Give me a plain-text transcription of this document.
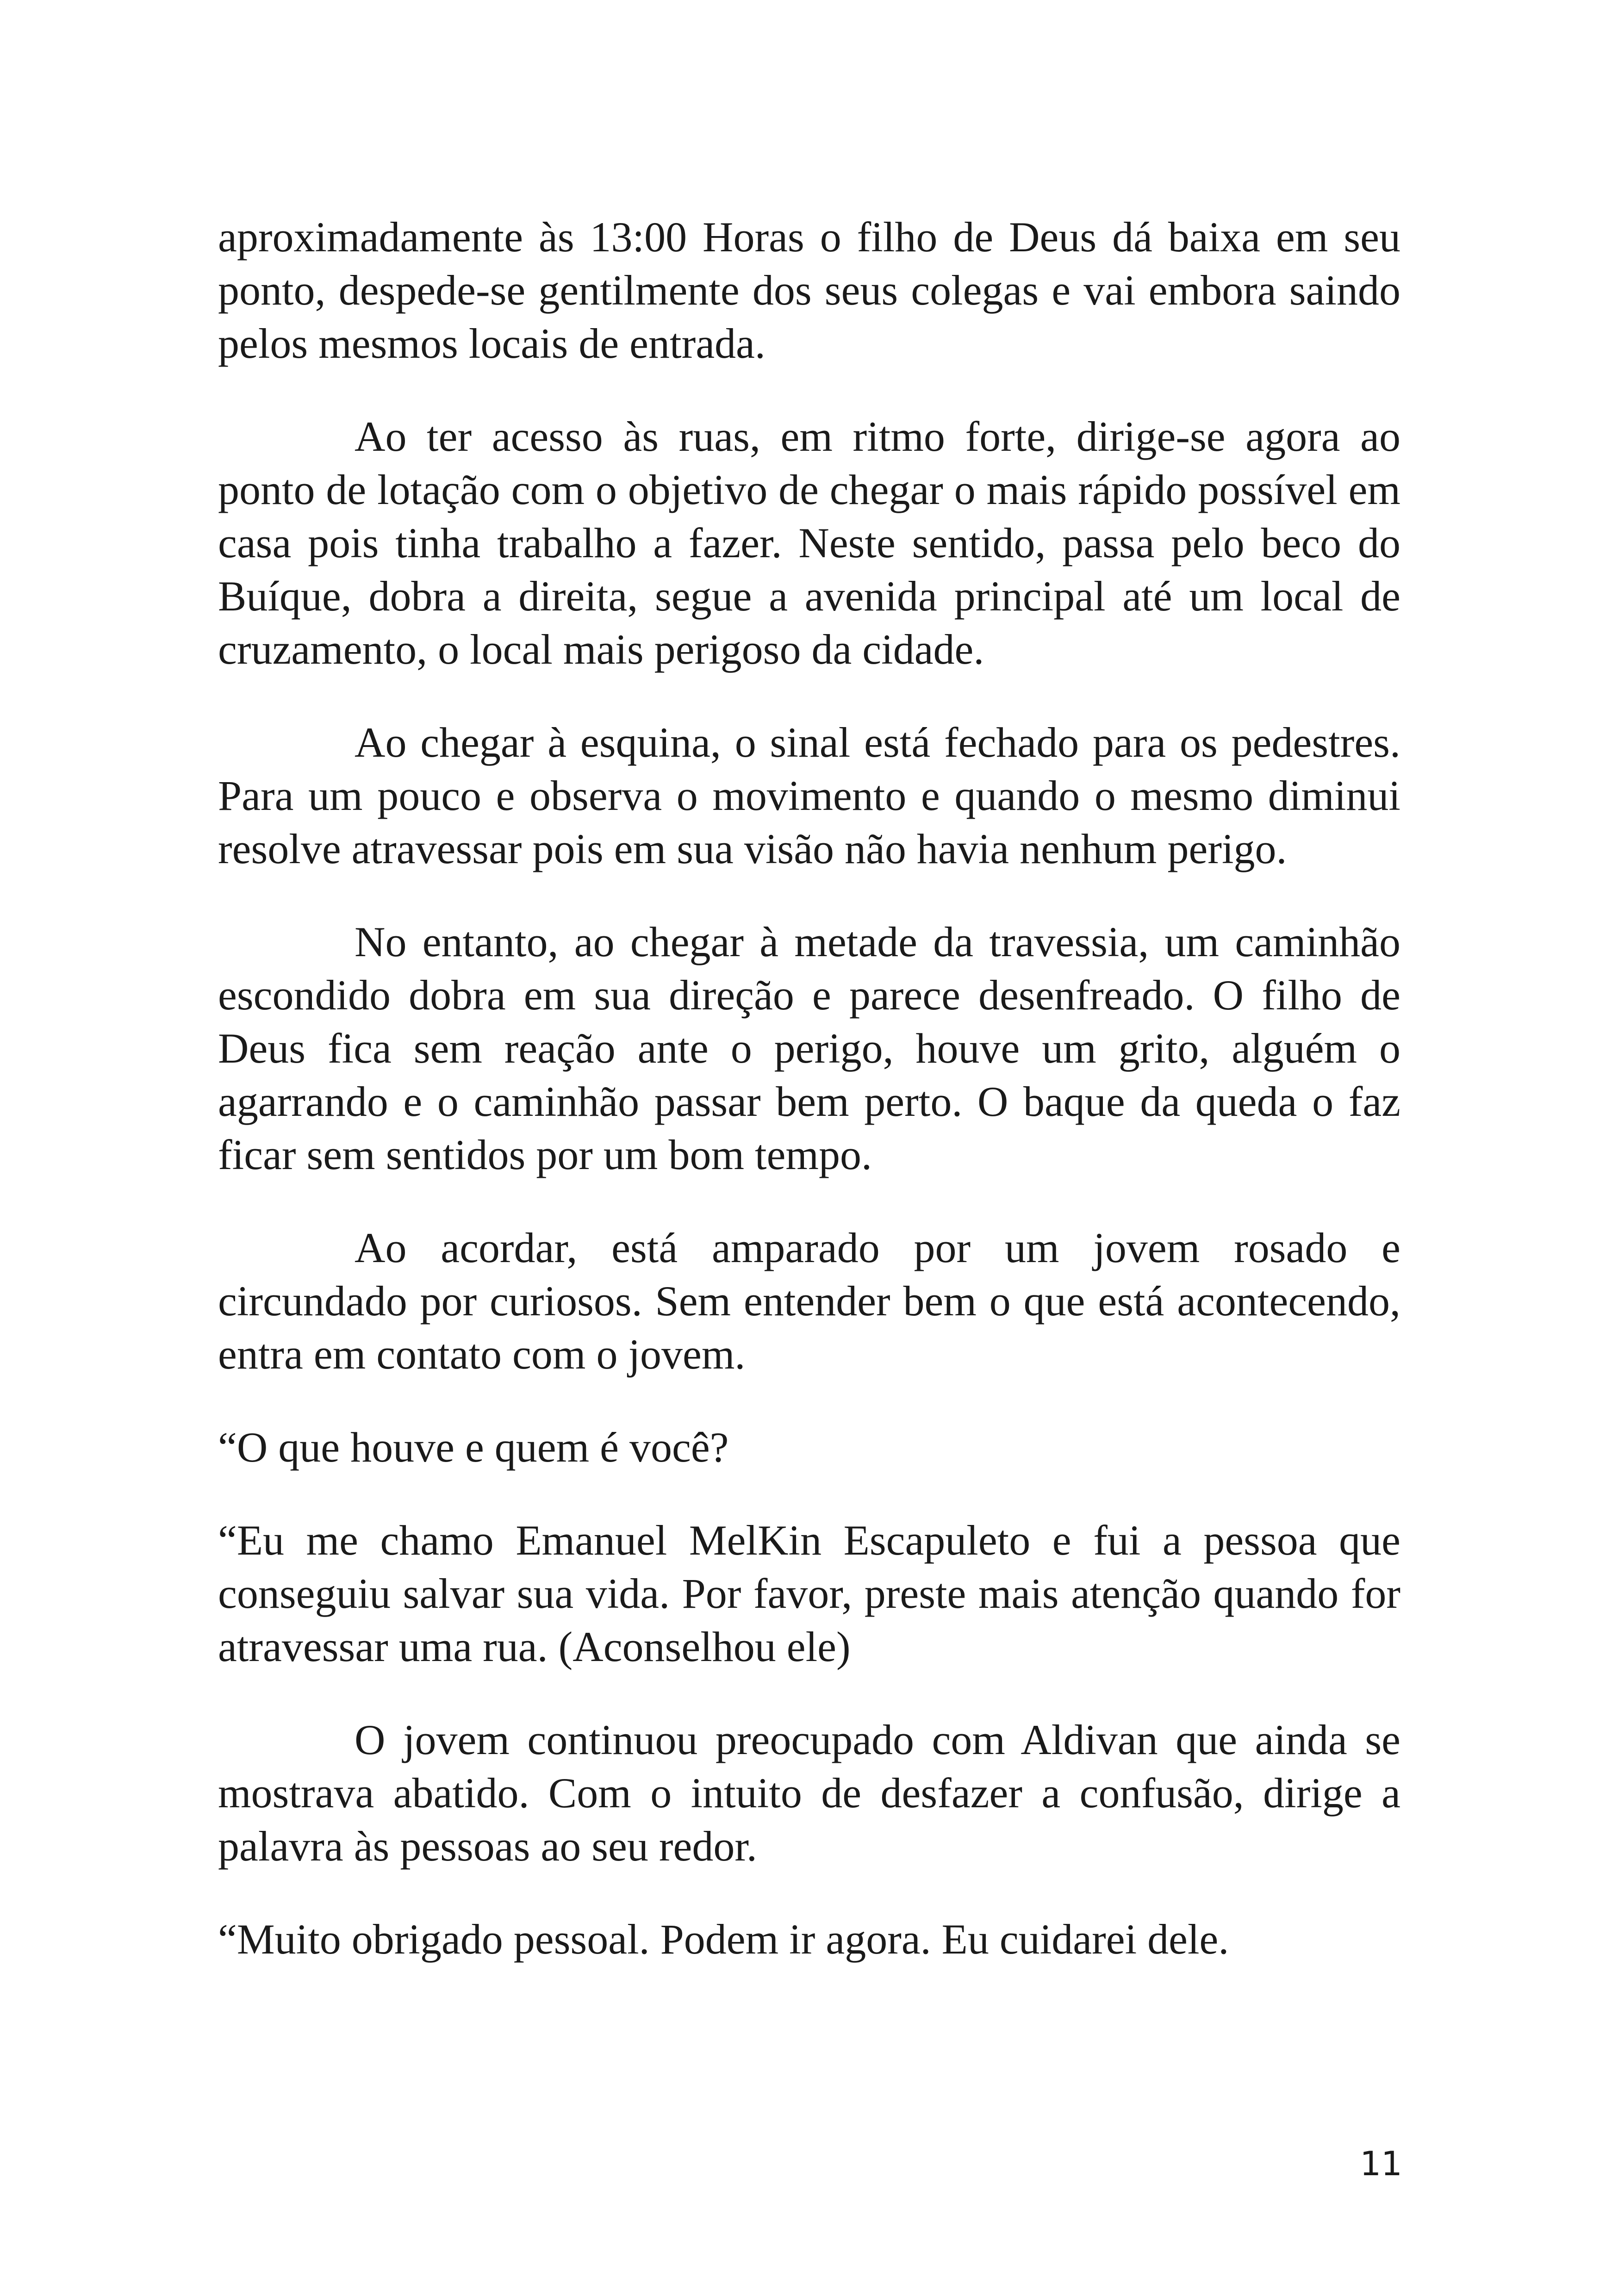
aproximadamente às 13:00 Horas o filho de Deus dá baixa em seu ponto, despede-se gentilmente dos seus colegas e vai embora saindo pelos mesmos locais de entrada.

Ao ter acesso às ruas, em ritmo forte, dirige-se agora ao ponto de lotação com o objetivo de chegar o mais rápido possível em casa pois tinha trabalho a fazer. Neste sentido, passa pelo beco do Buíque, dobra a direita, segue a avenida principal até um local de cruzamento, o local mais perigoso da cidade.

Ao chegar à esquina, o sinal está fechado para os pedestres. Para um pouco e observa o movimento e quando o mesmo diminui resolve atravessar pois em sua visão não havia nenhum perigo.

No entanto, ao chegar à metade da travessia, um caminhão escondido dobra em sua direção e parece desenfreado. O filho de Deus fica sem reação ante o perigo, houve um grito, alguém o agarrando e o caminhão passar bem perto. O baque da queda o faz ficar sem sentidos por um bom tempo.

Ao acordar, está amparado por um jovem rosado e circundado por curiosos. Sem entender bem o que está acontecendo, entra em contato com o jovem.

“O que houve e quem é você?

“Eu me chamo Emanuel MelKin Escapuleto e fui a pessoa que conseguiu salvar sua vida. Por favor, preste mais atenção quando for atravessar uma rua. (Aconselhou ele)

O jovem continuou preocupado com Aldivan que ainda se mostrava abatido. Com o intuito de desfazer a confusão, dirige a palavra às pessoas ao seu redor.

“Muito obrigado pessoal. Podem ir agora. Eu cuidarei dele.

11
